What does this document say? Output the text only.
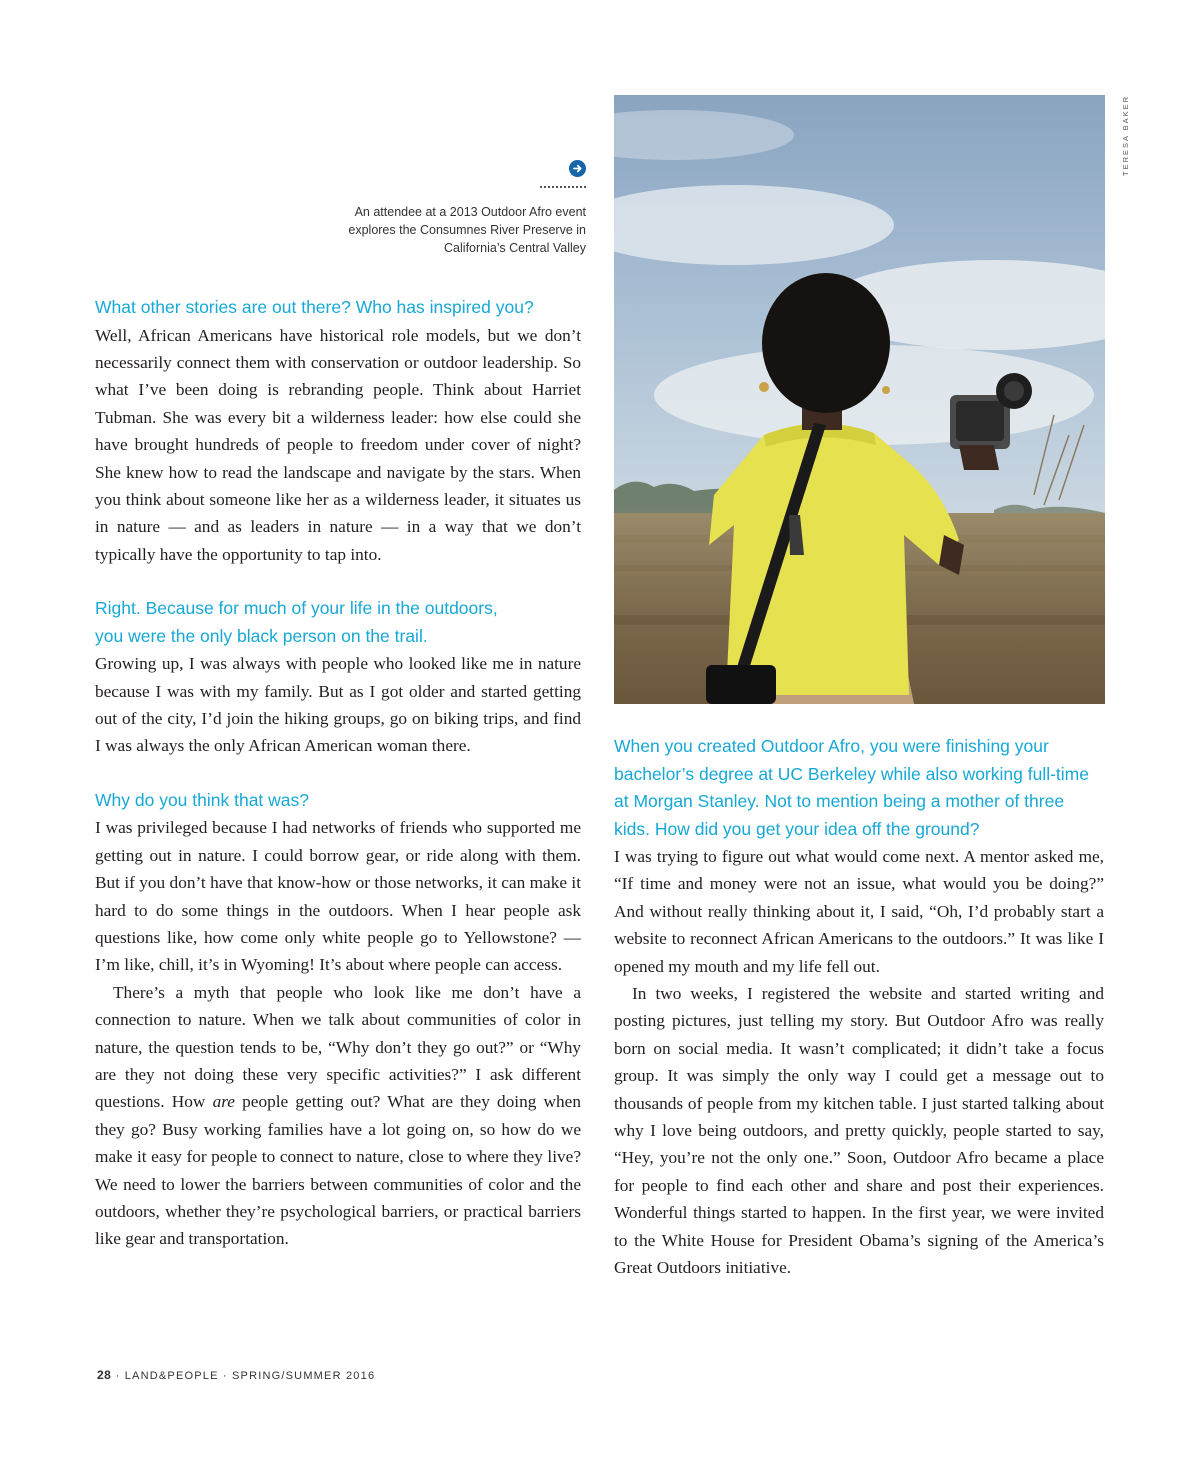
An attendee at a 2013 Outdoor Afro event explores the Consumnes River Preserve in California’s Central Valley
TERESA BAKER

What other stories are out there? Who has inspired you?

Well, African Americans have historical role models, but we don’t necessarily connect them with conservation or outdoor leadership. So what I’ve been doing is rebranding people. Think about Harriet Tubman. She was every bit a wilderness leader: how else could she have brought hundreds of people to freedom under cover of night? She knew how to read the landscape and navigate by the stars. When you think about someone like her as a wilderness leader, it situates us in nature — and as leaders in nature — in a way that we don’t typically have the opportunity to tap into.

Right. Because for much of your life in the outdoors,
you were the only black person on the trail.

Growing up, I was always with people who looked like me in nature because I was with my family. But as I got older and started getting out of the city, I’d join the hiking groups, go on biking trips, and find I was always the only African American woman there.

Why do you think that was?

I was privileged because I had networks of friends who supported me getting out in nature. I could borrow gear, or ride along with them. But if you don’t have that know-how or those networks, it can make it hard to do some things in the outdoors. When I hear people ask questions like, how come only white people go to Yellowstone? — I’m like, chill, it’s in Wyoming! It’s about where people can access.

There’s a myth that people who look like me don’t have a connection to nature. When we talk about communities of color in nature, the question tends to be, “Why don’t they go out?” or “Why are they not doing these very specific activities?” I ask different questions. How are people getting out? What are they doing when they go? Busy working families have a lot going on, so how do we make it easy for people to connect to nature, close to where they live? We need to lower the barriers between communities of color and the outdoors, whether they’re psychological barriers, or practical barriers like gear and transportation.

When you created Outdoor Afro, you were finishing your bachelor’s degree at UC Berkeley while also working full-time at Morgan Stanley. Not to mention being a mother of three kids. How did you get your idea off the ground?

I was trying to figure out what would come next. A mentor asked me, “If time and money were not an issue, what would you be doing?” And without really thinking about it, I said, “Oh, I’d probably start a website to reconnect African Americans to the outdoors.” It was like I opened my mouth and my life fell out.

In two weeks, I registered the website and started writing and posting pictures, just telling my story. But Outdoor Afro was really born on social media. It wasn’t complicated; it didn’t take a focus group. It was simply the only way I could get a message out to thousands of people from my kitchen table. I just started talking about why I love being outdoors, and pretty quickly, people started to say, “Hey, you’re not the only one.” Soon, Outdoor Afro became a place for people to find each other and share and post their experiences. Wonderful things started to happen. In the first year, we were invited to the White House for President Obama’s signing of the America’s Great Outdoors initiative.

28 · LAND&PEOPLE · SPRING/SUMMER 2016
